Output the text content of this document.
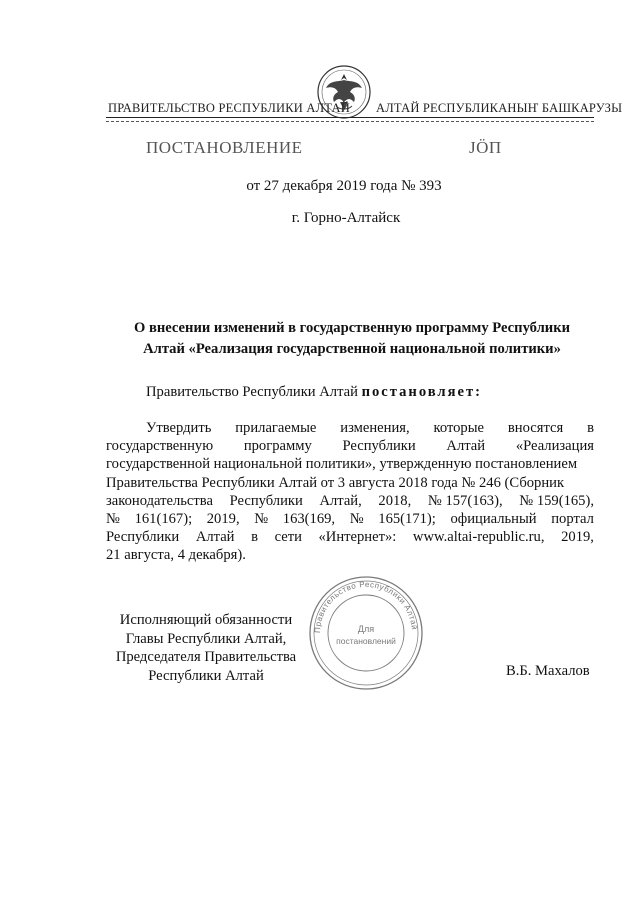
ПРАВИТЕЛЬСТВО РЕСПУБЛИКИ АЛТАЙ АЛТАЙ РЕСПУБЛИКАНЫҤ БАШКАРУЗЫ
ПОСТАНОВЛЕНИЕ	ЈӦП
от 27 декабря 2019 года № 393
г. Горно-Алтайск
О внесении изменений в государственную программу Республики
Алтай «Реализация государственной национальной политики»
Правительство Республики Алтай постановляет:
Утвердить прилагаемые изменения, которые вносятся в
государственную программу Республики Алтай «Реализация
государственной национальной политики», утвержденную постановлением
Правительства Республики Алтай от 3 августа 2018 года № 246 (Сборник
законодательства Республики Алтай, 2018, № 157(163), № 159(165),
№ 161(167); 2019, № 163(169, № 165(171); официальный портал
Республики Алтай в сети «Интернет»: www.altai-republic.ru, 2019,
21 августа, 4 декабря).
Исполняющий обязанности
Главы Республики Алтай,
Председателя Правительства
Республики Алтай
Правительство Республики Алтай
Для
постановлений
В.Б. Махалов
